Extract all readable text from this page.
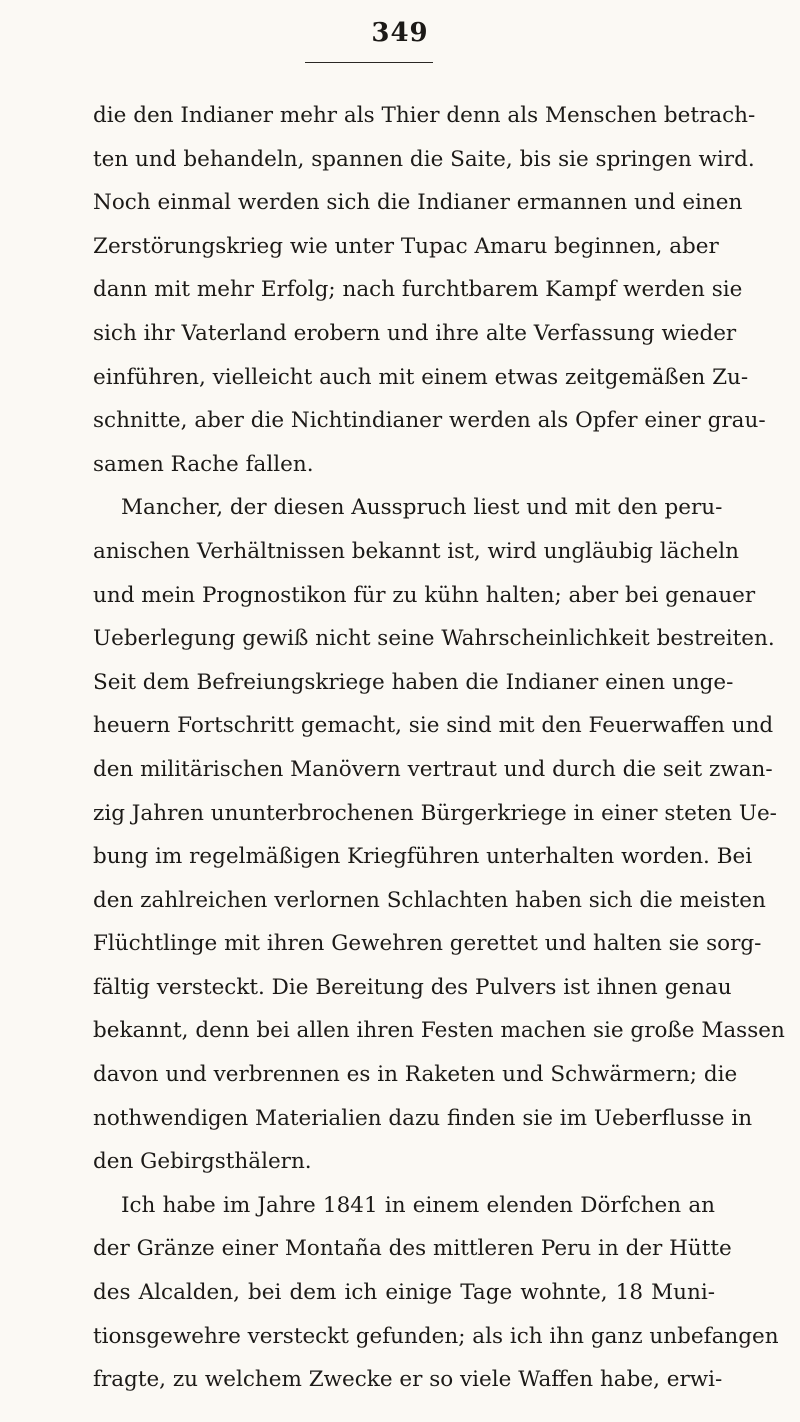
349
die den Indianer mehr als Thier denn als Menschen betrach-
ten und behandeln, spannen die Saite, bis sie springen wird.
Noch einmal werden sich die Indianer ermannen und einen
Zerstörungskrieg wie unter Tupac Amaru beginnen, aber
dann mit mehr Erfolg; nach furchtbarem Kampf werden sie
sich ihr Vaterland erobern und ihre alte Verfassung wieder
einführen, vielleicht auch mit einem etwas zeitgemäßen Zu-
schnitte, aber die Nichtindianer werden als Opfer einer grau-
samen Rache fallen.
Mancher, der diesen Ausspruch liest und mit den peru-
anischen Verhältnissen bekannt ist, wird ungläubig lächeln
und mein Prognostikon für zu kühn halten; aber bei genauer
Ueberlegung gewiß nicht seine Wahrscheinlichkeit bestreiten.
Seit dem Befreiungskriege haben die Indianer einen unge-
heuern Fortschritt gemacht, sie sind mit den Feuerwaffen und
den militärischen Manövern vertraut und durch die seit zwan-
zig Jahren ununterbrochenen Bürgerkriege in einer steten Ue-
bung im regelmäßigen Kriegführen unterhalten worden. Bei
den zahlreichen verlornen Schlachten haben sich die meisten
Flüchtlinge mit ihren Gewehren gerettet und halten sie sorg-
fältig versteckt. Die Bereitung des Pulvers ist ihnen genau
bekannt, denn bei allen ihren Festen machen sie große Massen
davon und verbrennen es in Raketen und Schwärmern; die
nothwendigen Materialien dazu finden sie im Ueberflusse in
den Gebirgsthälern.
Ich habe im Jahre 1841 in einem elenden Dörfchen an
der Gränze einer Montaña des mittleren Peru in der Hütte
des Alcalden, bei dem ich einige Tage wohnte, 18 Muni-
tionsgewehre versteckt gefunden; als ich ihn ganz unbefangen
fragte, zu welchem Zwecke er so viele Waffen habe, erwi-
